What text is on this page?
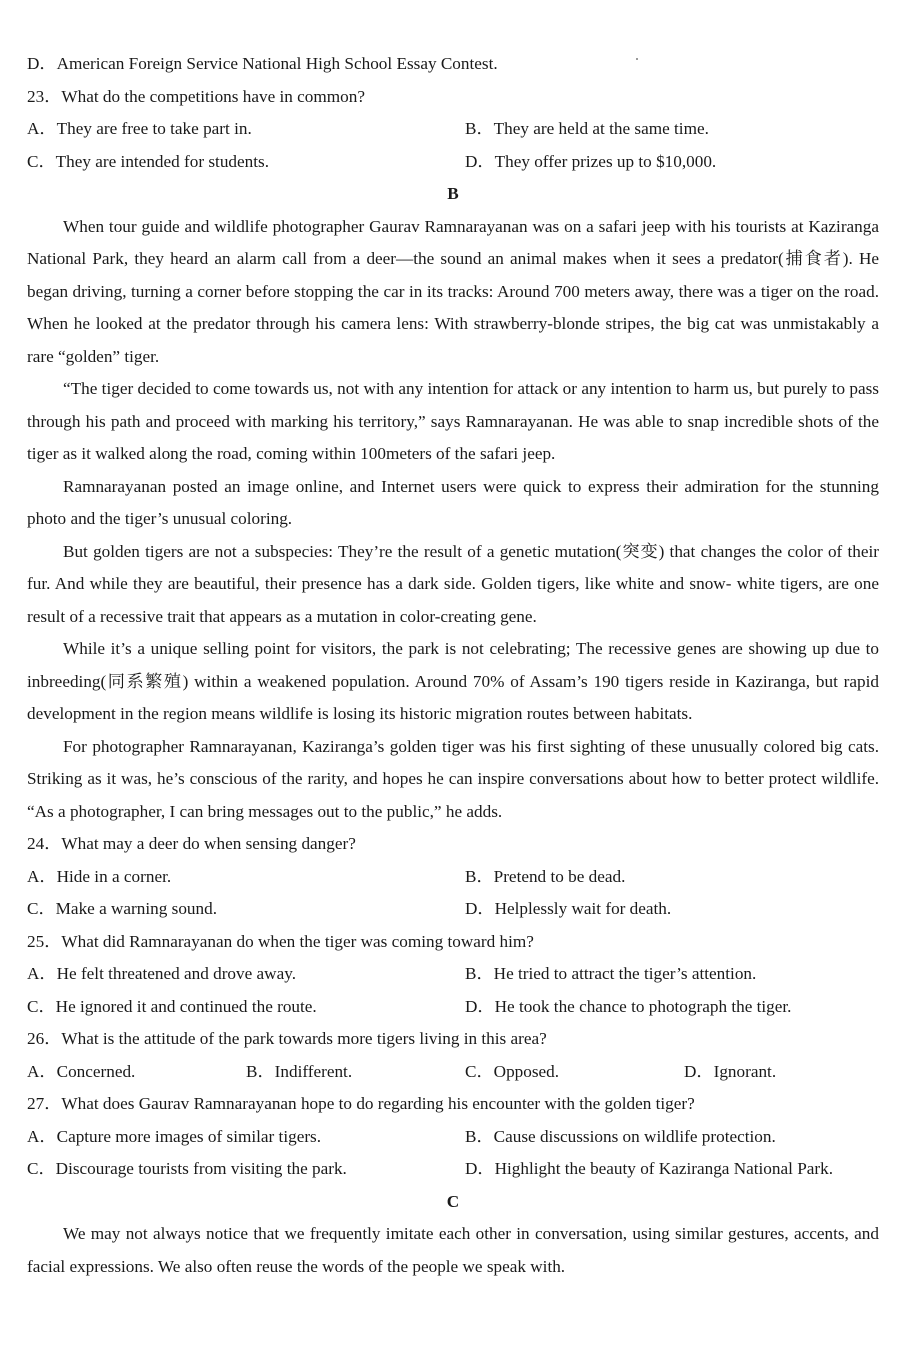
D．American Foreign Service National High School Essay Contest.
23．What do the competitions have in common?
A．They are free to take part in.	B．They are held at the same time.
C．They are intended for students.	D．They offer prizes up to $10,000.
B

When tour guide and wildlife photographer Gaurav Ramnarayanan was on a safari jeep with his tourists at Kaziranga National Park, they heard an alarm call from a deer—the sound an animal makes when it sees a predator(捕食者). He began driving, turning a corner before stopping the car in its tracks: Around 700 meters away, there was a tiger on the road. When he looked at the predator through his camera lens: With strawberry-blonde stripes, the big cat was unmistakably a rare “golden” tiger.

“The tiger decided to come towards us, not with any intention for attack or any intention to harm us, but purely to pass through his path and proceed with marking his territory,” says Ramnarayanan. He was able to snap incredible shots of the tiger as it walked along the road, coming within 100meters of the safari jeep.

Ramnarayanan posted an image online, and Internet users were quick to express their admiration for the stunning photo and the tiger’s unusual coloring.

But golden tigers are not a subspecies: They’re the result of a genetic mutation(突变) that changes the color of their fur. And while they are beautiful, their presence has a dark side. Golden tigers, like white and snow- white tigers, are one result of a recessive trait that appears as a mutation in color-creating gene.

While it’s a unique selling point for visitors, the park is not celebrating; The recessive genes are showing up due to inbreeding(同系繁殖) within a weakened population. Around 70% of Assam’s 190 tigers reside in Kaziranga, but rapid development in the region means wildlife is losing its historic migration routes between habitats.

For photographer Ramnarayanan, Kaziranga’s golden tiger was his first sighting of these unusually colored big cats. Striking as it was, he’s conscious of the rarity, and hopes he can inspire conversations about how to better protect wildlife. “As a photographer, I can bring messages out to the public,” he adds.

24．What may a deer do when sensing danger?
A．Hide in a corner.	B．Pretend to be dead.
C．Make a warning sound.	D．Helplessly wait for death.
25．What did Ramnarayanan do when the tiger was coming toward him?
A．He felt threatened and drove away.	B．He tried to attract the tiger’s attention.
C．He ignored it and continued the route.	D．He took the chance to photograph the tiger.
26．What is the attitude of the park towards more tigers living in this area?
A．Concerned.	B．Indifferent.	C．Opposed.	D．Ignorant.
27．What does Gaurav Ramnarayanan hope to do regarding his encounter with the golden tiger?
A．Capture more images of similar tigers.	B．Cause discussions on wildlife protection.
C．Discourage tourists from visiting the park.	D．Highlight the beauty of Kaziranga National Park.
C

We may not always notice that we frequently imitate each other in conversation, using similar gestures, accents, and facial expressions. We also often reuse the words of the people we speak with.
